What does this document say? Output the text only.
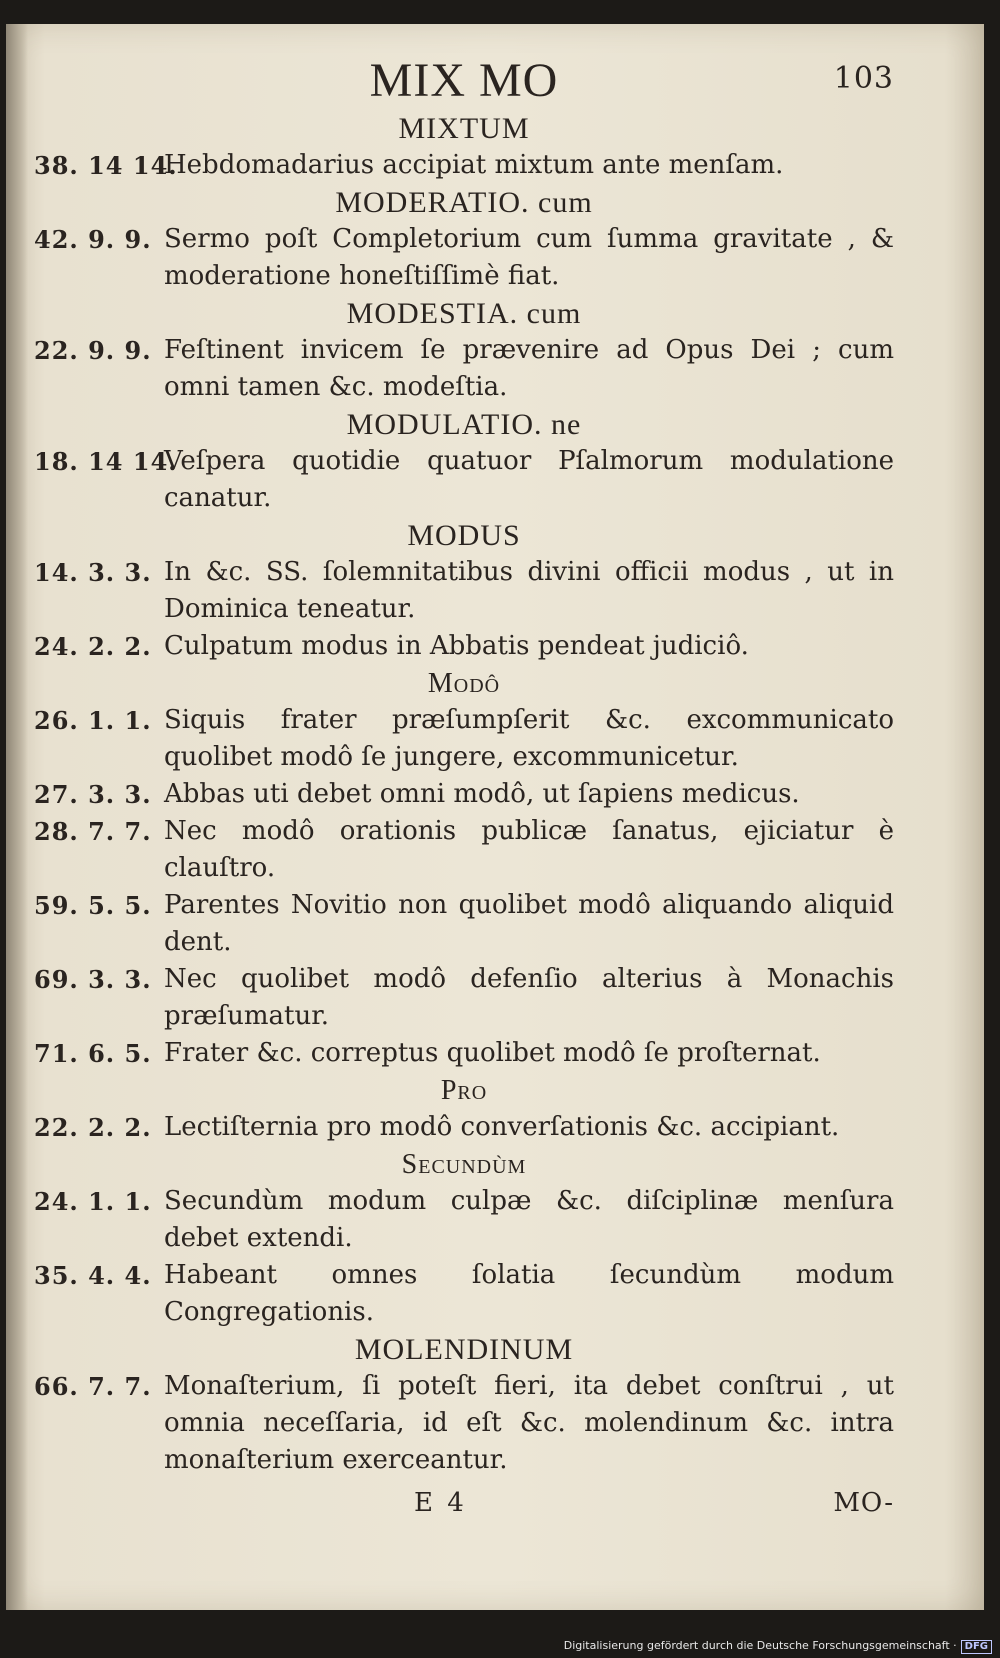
MIX MO	103
MIXTUM
38. 14 14.
Hebdomadarius accipiat mixtum ante menſam.
MODERATIO. cum
42. 9. 9. Sermo poſt Completorium cum ſumma gravitate , & moderatione honeſtiſſimè fiat.
MODESTIA. cum
22. 9. 9. Feſtinent invicem ſe prævenire ad Opus Dei ; cum omni tamen &c. modeſtia.
MODULATIO. ne
18. 14 14.
Veſpera quotidie quatuor Pſalmorum modulatione canatur.
MODUS
14. 3. 3. In &c. SS. ſolemnitatibus divini officii modus , ut in Dominica teneatur.
24. 2. 2. Culpatum modus in Abbatis pendeat judiciô.
Modô
26. 1. 1. Siquis frater præſumpſerit &c. excommunicato quolibet modô ſe jungere, excommunicetur.
27. 3. 3. Abbas uti debet omni modô, ut ſapiens medicus.
28. 7. 7. Nec modô orationis publicæ ſanatus, ejiciatur è clauſtro.
59. 5. 5. Parentes Novitio non quolibet modô aliquando aliquid dent.
69. 3. 3. Nec quolibet modô defenſio alterius à Monachis præſumatur.
71. 6. 5. Frater &c. correptus quolibet modô ſe proſternat.
Pro
22. 2. 2. Lectiſternia pro modô converſationis &c. accipiant.
Secundùm
24. 1. 1. Secundùm modum culpæ &c. diſciplinæ menſura debet extendi.
35. 4. 4. Habeant omnes ſolatia ſecundùm modum Congregationis.
MOLENDINUM
66. 7. 7. Monaſterium, ſi poteſt fieri, ita debet conſtrui , ut omnia neceſſaria, id eſt &c. molendinum &c. intra monaſterium exerceantur.
E 4	MO-
Digitalisierung gefördert durch die Deutsche Forschungsgemeinschaft · DFG
